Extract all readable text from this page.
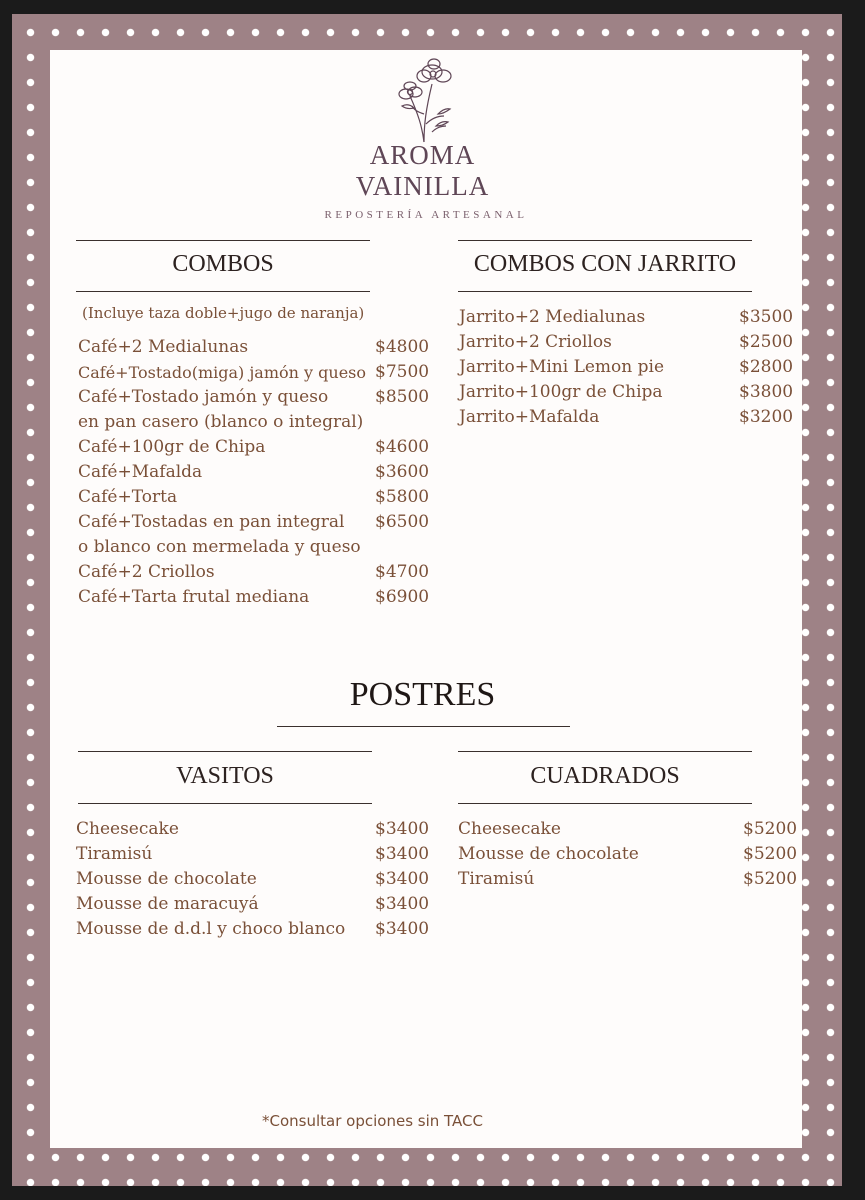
AROMA
VAINILLA
REPOSTERÍA ARTESANAL
COMBOS
(Incluye taza doble+jugo de naranja)
Café+2 Medialunas	$4800
Café+Tostado(miga) jamón y queso $7500
Café+Tostado jamón y queso	$8500
en pan casero (blanco o integral)
Café+100gr de Chipa	$4600
Café+Mafalda	$3600
Café+Torta	$5800
Café+Tostadas en pan integral $6500
o blanco con mermelada y queso
Café+2 Criollos	$4700
Café+Tarta frutal mediana	$6900
COMBOS CON JARRITO
Jarrito+2 Medialunas	$3500
Jarrito+2 Criollos	$2500
Jarrito+Mini Lemon pie	$2800
Jarrito+100gr de Chipa	$3800
Jarrito+Mafalda	$3200
POSTRES
VASITOS	CUADRADOS
Cheesecake	$3400
Tiramisú	$3400
Mousse de chocolate	$3400
Mousse de maracuyá	$3400
Mousse de d.d.l y choco blanco $3400
Cheesecake	$5200
Mousse de chocolate	$5200
Tiramisú	$5200
*Consultar opciones sin TACC
